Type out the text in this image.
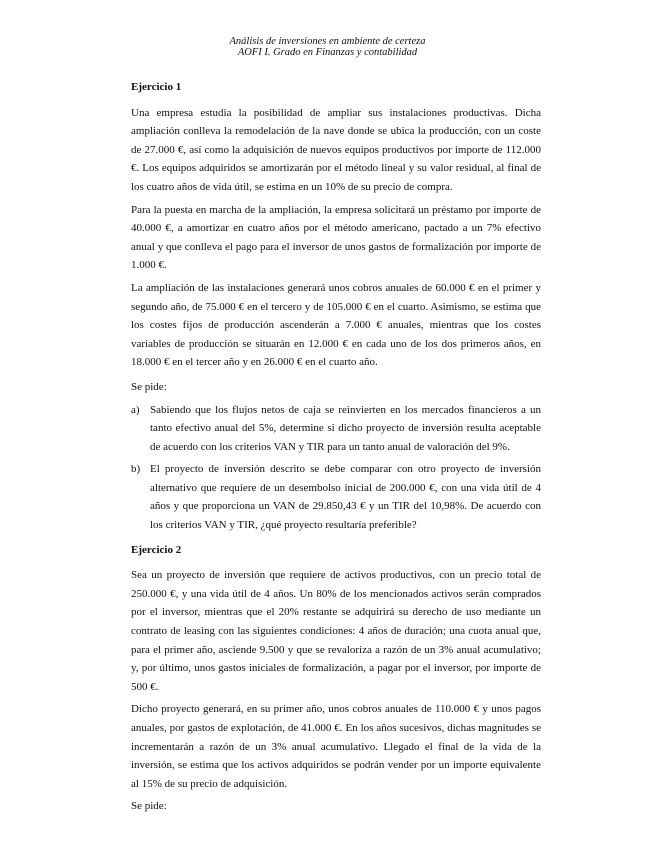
Análisis de inversiones en ambiente de certeza
AOFI I. Grado en Finanzas y contabilidad
Ejercicio 1
Una empresa estudia la posibilidad de ampliar sus instalaciones productivas. Dicha ampliación conlleva la remodelación de la nave donde se ubica la producción, con un coste de 27.000 €, así como la adquisición de nuevos equipos productivos por importe de 112.000 €. Los equipos adquiridos se amortizarán por el método lineal y su valor residual, al final de los cuatro años de vida útil, se estima en un 10% de su precio de compra.
Para la puesta en marcha de la ampliación, la empresa solicitará un préstamo por importe de 40.000 €, a amortizar en cuatro años por el método americano, pactado a un 7% efectivo anual y que conlleva el pago para el inversor de unos gastos de formalización por importe de 1.000 €.
La ampliación de las instalaciones generará unos cobros anuales de 60.000 € en el primer y segundo año, de 75.000 € en el tercero y de 105.000 € en el cuarto. Asimismo, se estima que los costes fijos de producción ascenderán a 7.000 € anuales, mientras que los costes variables de producción se situarán en 12.000 € en cada uno de los dos primeros años, en 18.000 € en el tercer año y en 26.000 € en el cuarto año.
Se pide:
a) Sabiendo que los flujos netos de caja se reinvierten en los mercados financieros a un tanto efectivo anual del 5%, determine si dicho proyecto de inversión resulta aceptable de acuerdo con los criterios VAN y TIR para un tanto anual de valoración del 9%.
b) El proyecto de inversión descrito se debe comparar con otro proyecto de inversión alternativo que requiere de un desembolso inicial de 200.000 €, con una vida útil de 4 años y que proporciona un VAN de 29.850,43 € y un TIR del 10,98%. De acuerdo con los criterios VAN y TIR, ¿qué proyecto resultaría preferible?
Ejercicio 2
Sea un proyecto de inversión que requiere de activos productivos, con un precio total de 250.000 €, y una vida útil de 4 años. Un 80% de los mencionados activos serán comprados por el inversor, mientras que el 20% restante se adquirirá su derecho de uso mediante un contrato de leasing con las siguientes condiciones: 4 años de duración; una cuota anual que, para el primer año, asciende 9.500 y que se revaloriza a razón de un 3% anual acumulativo; y, por último, unos gastos iniciales de formalización, a pagar por el inversor, por importe de 500 €.
Dicho proyecto generará, en su primer año, unos cobros anuales de 110.000 € y unos pagos anuales, por gastos de explotación, de 41.000 €. En los años sucesivos, dichas magnitudes se incrementarán a razón de un 3% anual acumulativo. Llegado el final de la vida de la inversión, se estima que los activos adquiridos se podrán vender por un importe equivalente al 15% de su precio de adquisición.
Se pide:
